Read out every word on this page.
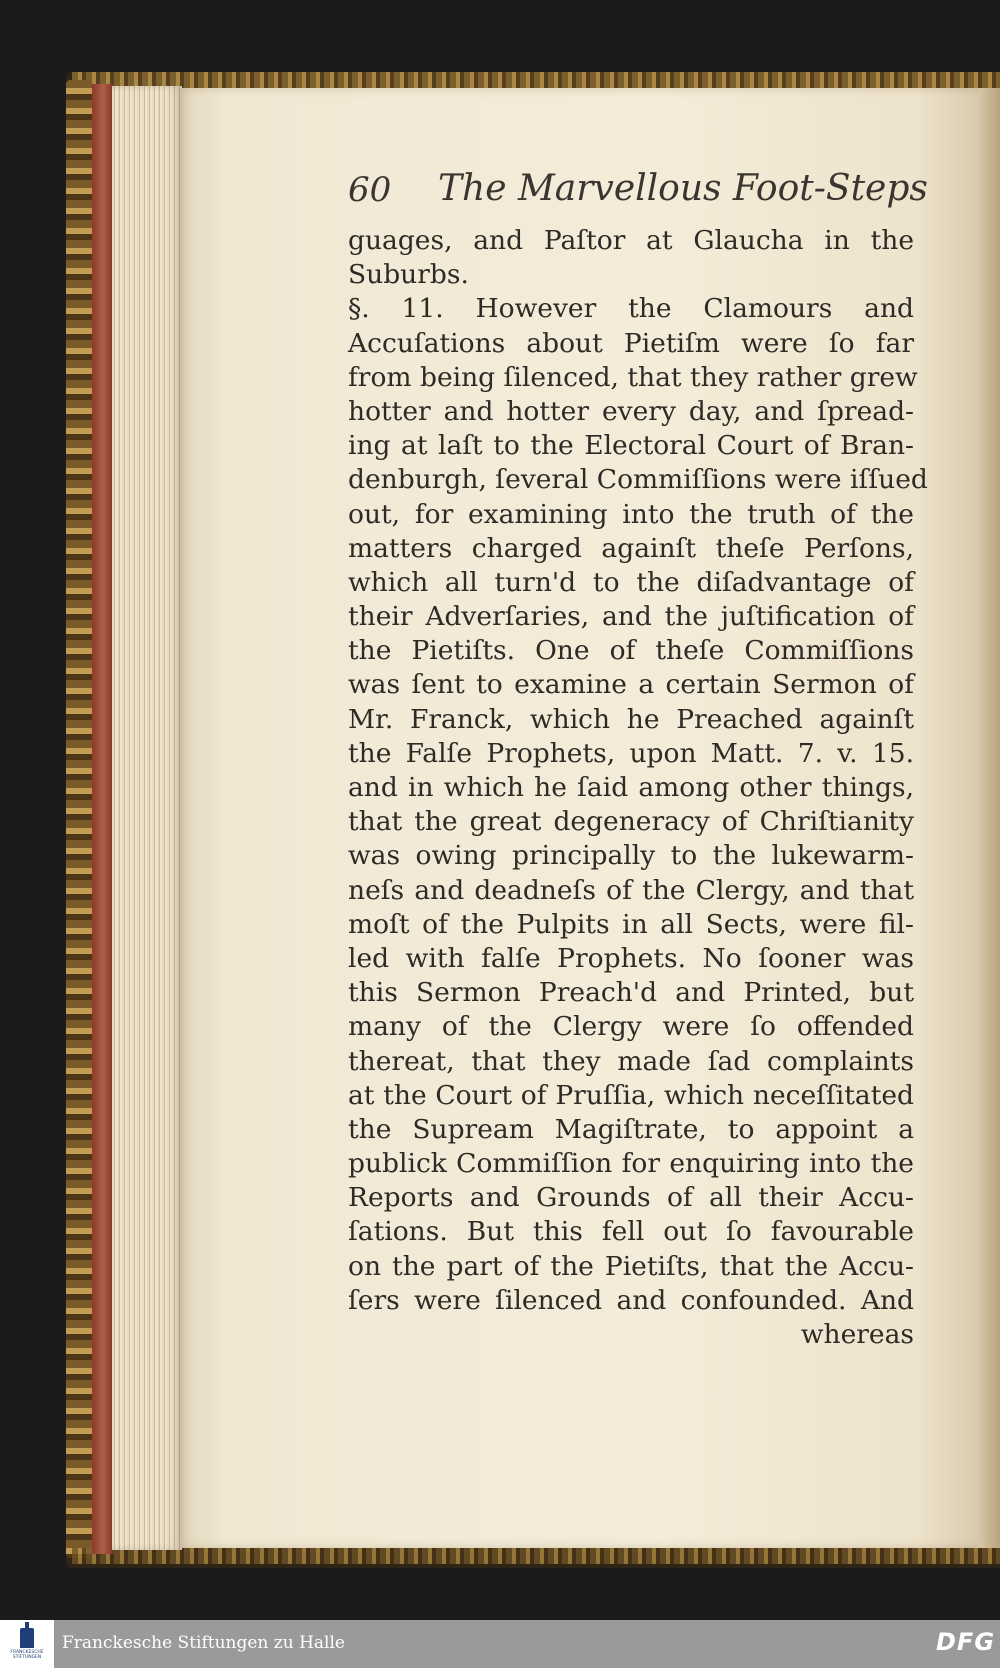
60 The Marvellous Foot-Steps
guages, and Paſtor at Glaucha in the
Suburbs.
§. 11. However the Clamours and
Accuſations about Pietiſm were ſo far
from being ſilenced, that they rather grew
hotter and hotter every day, and ſpread-
ing at laſt to the Electoral Court of Bran-
denburgh, ſeveral Commiſſions were iſſued
out, for examining into the truth of the
matters charged againſt theſe Perſons,
which all turn'd to the diſadvantage of
their Adverſaries, and the juſtification of
the Pietiſts. One of theſe Commiſſions
was ſent to examine a certain Sermon of
Mr. Franck, which he Preached againſt
the Falſe Prophets, upon Matt. 7. v. 15.
and in which he ſaid among other things,
that the great degeneracy of Chriſtianity
was owing principally to the lukewarm-
neſs and deadneſs of the Clergy, and that
moſt of the Pulpits in all Sects, were fil-
led with falſe Prophets. No ſooner was
this Sermon Preach'd and Printed, but
many of the Clergy were ſo offended
thereat, that they made ſad complaints
at the Court of Pruſſia, which neceſſitated
the Supream Magiſtrate, to appoint a
publick Commiſſion for enquiring into the
Reports and Grounds of all their Accu-
ſations. But this fell out ſo favourable
on the part of the Pietiſts, that the Accu-
ſers were ſilenced and confounded. And
whereas
FRANCKESCHE STIFTUNGEN
Franckesche Stiftungen zu Halle	DFG
